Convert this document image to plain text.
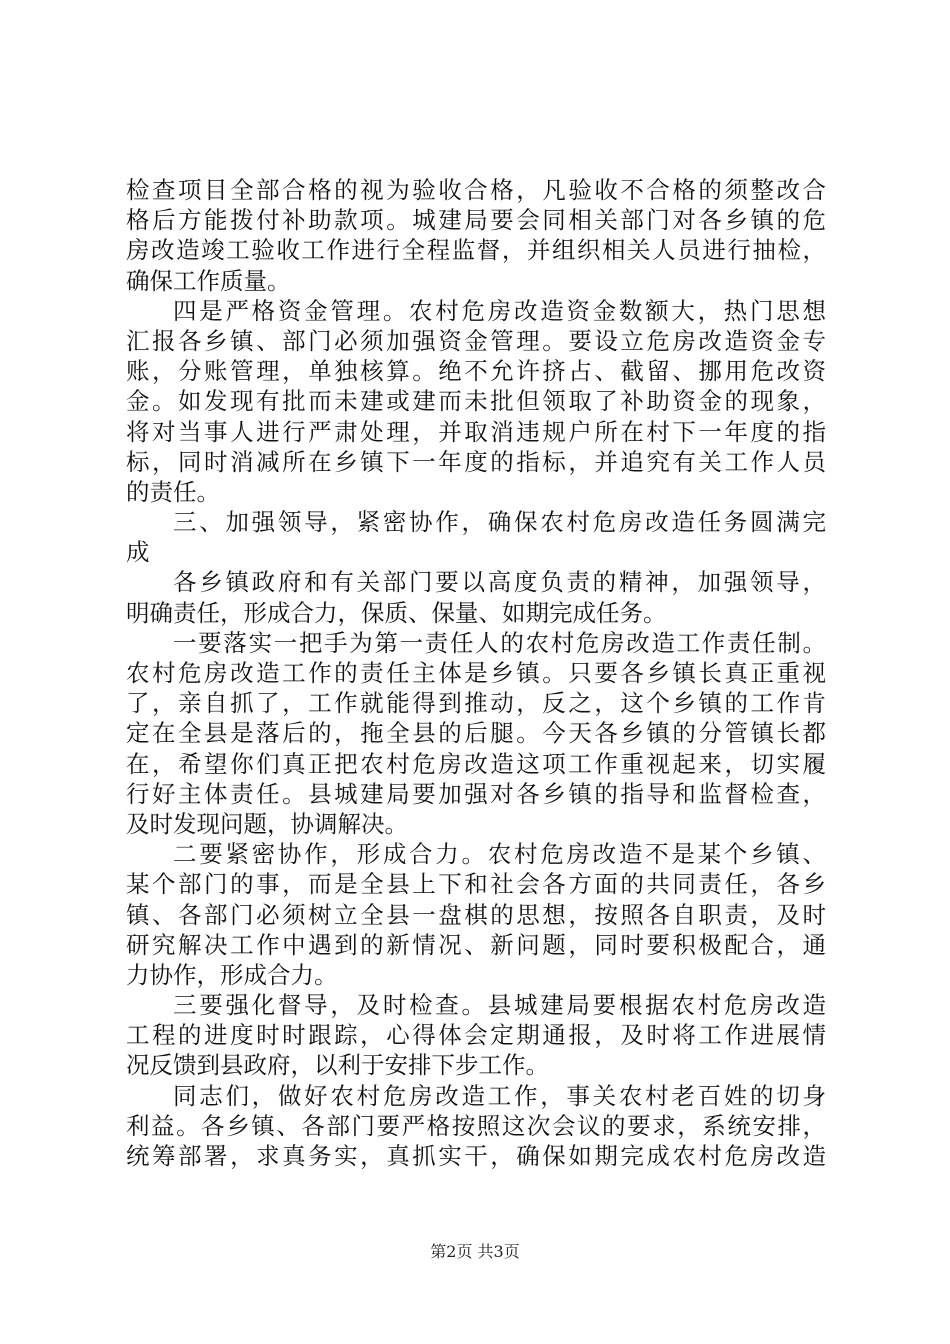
检查项目全部合格的视为验收合格，凡验收不合格的须整改合
格后方能拨付补助款项。城建局要会同相关部门对各乡镇的危
房改造竣工验收工作进行全程监督，并组织相关人员进行抽检，
确保工作质量。
四是严格资金管理。农村危房改造资金数额大，热门思想
汇报各乡镇、部门必须加强资金管理。要设立危房改造资金专
账，分账管理，单独核算。绝不允许挤占、截留、挪用危改资
金。如发现有批而未建或建而未批但领取了补助资金的现象，
将对当事人进行严肃处理，并取消违规户所在村下一年度的指
标，同时消减所在乡镇下一年度的指标，并追究有关工作人员
的责任。
三、加强领导，紧密协作，确保农村危房改造任务圆满完
成
各乡镇政府和有关部门要以高度负责的精神，加强领导，
明确责任，形成合力，保质、保量、如期完成任务。
一要落实一把手为第一责任人的农村危房改造工作责任制。
农村危房改造工作的责任主体是乡镇。只要各乡镇长真正重视
了，亲自抓了，工作就能得到推动，反之，这个乡镇的工作肯
定在全县是落后的，拖全县的后腿。今天各乡镇的分管镇长都
在，希望你们真正把农村危房改造这项工作重视起来，切实履
行好主体责任。县城建局要加强对各乡镇的指导和监督检查，
及时发现问题，协调解决。
二要紧密协作，形成合力。农村危房改造不是某个乡镇、
某个部门的事，而是全县上下和社会各方面的共同责任，各乡
镇、各部门必须树立全县一盘棋的思想，按照各自职责，及时
研究解决工作中遇到的新情况、新问题，同时要积极配合，通
力协作，形成合力。
三要强化督导，及时检查。县城建局要根据农村危房改造
工程的进度时时跟踪，心得体会定期通报，及时将工作进展情
况反馈到县政府，以利于安排下步工作。
同志们，做好农村危房改造工作，事关农村老百姓的切身
利益。各乡镇、各部门要严格按照这次会议的要求，系统安排，
统筹部署，求真务实，真抓实干，确保如期完成农村危房改造
第2页 共3页
